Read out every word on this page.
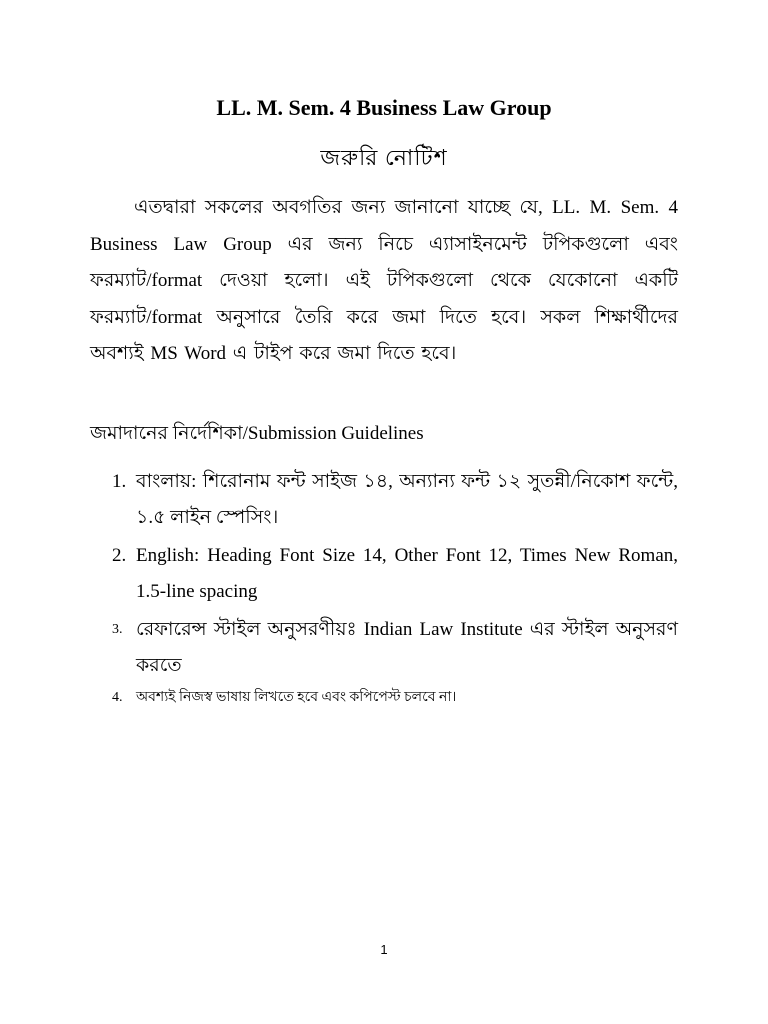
LL. M. Sem. 4 Business Law Group
জরুরি নোটিশ

এতদ্বারা সকলের অবগতির জন্য জানানো যাচ্ছে যে, LL. M. Sem. 4 Business Law Group এর জন্য নিচে এ্যাসাইনমেন্ট টপিকগুলো এবং ফরম্যাট/format দেওয়া হলো। এই টপিকগুলো থেকে যেকোনো একটি ফরম্যাট/format অনুসারে তৈরি করে জমা দিতে হবে। সকল শিক্ষার্থীদের অবশ্যই MS Word এ টাইপ করে জমা দিতে হবে।

জমাদানের নির্দেশিকা/Submission Guidelines

1. বাংলায়: শিরোনাম ফন্ট সাইজ ১৪, অন্যান্য ফন্ট ১২ সুতন্নী/নিকোশ ফন্টে, ১.৫ লাইন স্পেসিং।
2. English: Heading Font Size 14, Other Font 12, Times New Roman, 1.5-line spacing
3. রেফারেন্স স্টাইল অনুসরণীয়ঃ Indian Law Institute এর স্টাইল অনুসরণ করতে
4. অবশ্যই নিজস্ব ভাষায় লিখতে হবে এবং কপিপেস্ট চলবে না।
1
